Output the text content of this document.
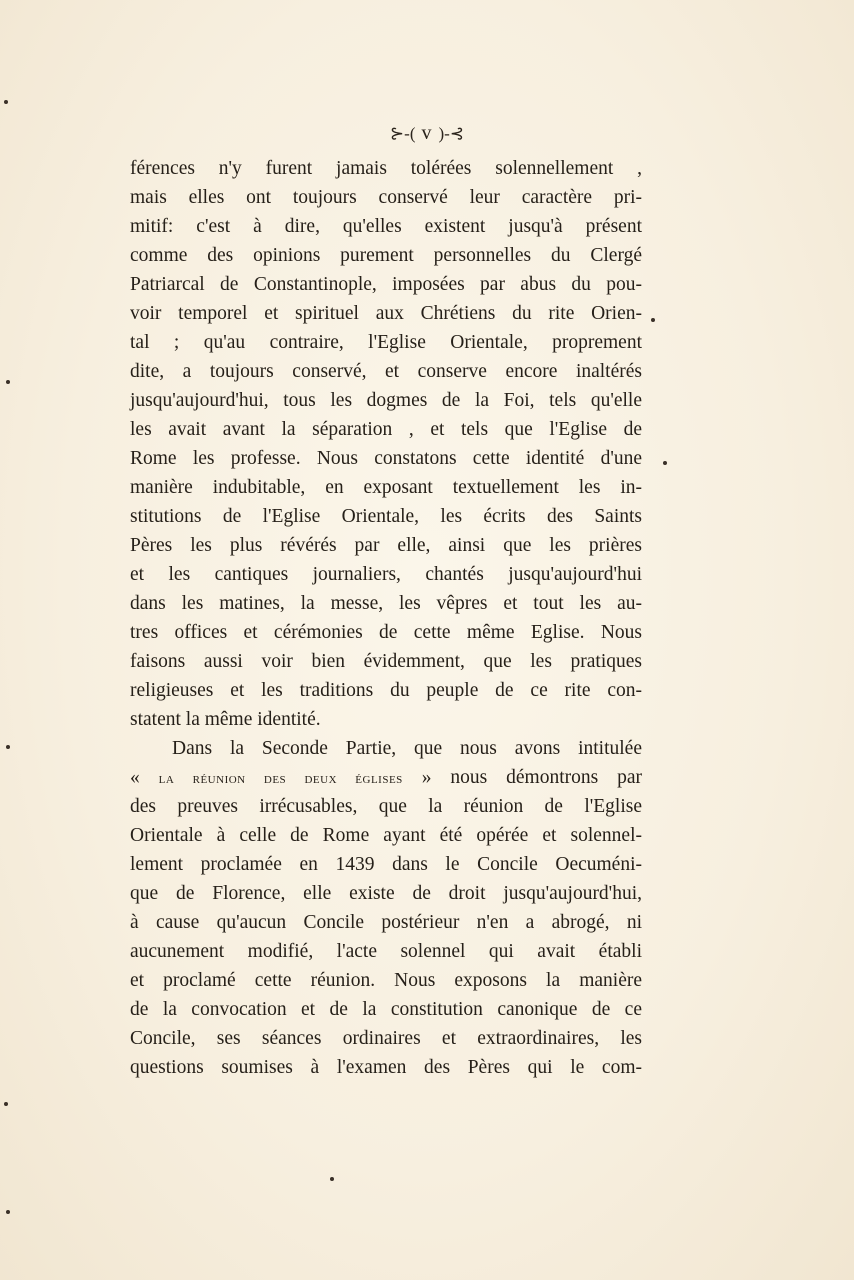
⊱-( v )-⊰
férences n'y furent jamais tolérées solennellement ,
mais elles ont toujours conservé leur caractère pri-
mitif: c'est à dire, qu'elles existent jusqu'à présent
comme des opinions purement personnelles du Clergé
Patriarcal de Constantinople, imposées par abus du pou-
voir temporel et spirituel aux Chrétiens du rite Orien-
tal ; qu'au contraire, l'Eglise Orientale, proprement
dite, a toujours conservé, et conserve encore inaltérés
jusqu'aujourd'hui, tous les dogmes de la Foi, tels qu'elle
les avait avant la séparation , et tels que l'Eglise de
Rome les professe. Nous constatons cette identité d'une
manière indubitable, en exposant textuellement les in-
stitutions de l'Eglise Orientale, les écrits des Saints
Pères les plus révérés par elle, ainsi que les prières
et les cantiques journaliers, chantés jusqu'aujourd'hui
dans les matines, la messe, les vêpres et tout les au-
tres offices et cérémonies de cette même Eglise. Nous
faisons aussi voir bien évidemment, que les pratiques
religieuses et les traditions du peuple de ce rite con-
statent la même identité.
Dans la Seconde Partie, que nous avons intitulée
« la réunion des deux églises » nous démontrons par
des preuves irrécusables, que la réunion de l'Eglise
Orientale à celle de Rome ayant été opérée et solennel-
lement proclamée en 1439 dans le Concile Oecuméni-
que de Florence, elle existe de droit jusqu'aujourd'hui,
à cause qu'aucun Concile postérieur n'en a abrogé, ni
aucunement modifié, l'acte solennel qui avait établi
et proclamé cette réunion. Nous exposons la manière
de la convocation et de la constitution canonique de ce
Concile, ses séances ordinaires et extraordinaires, les
questions soumises à l'examen des Pères qui le com-
